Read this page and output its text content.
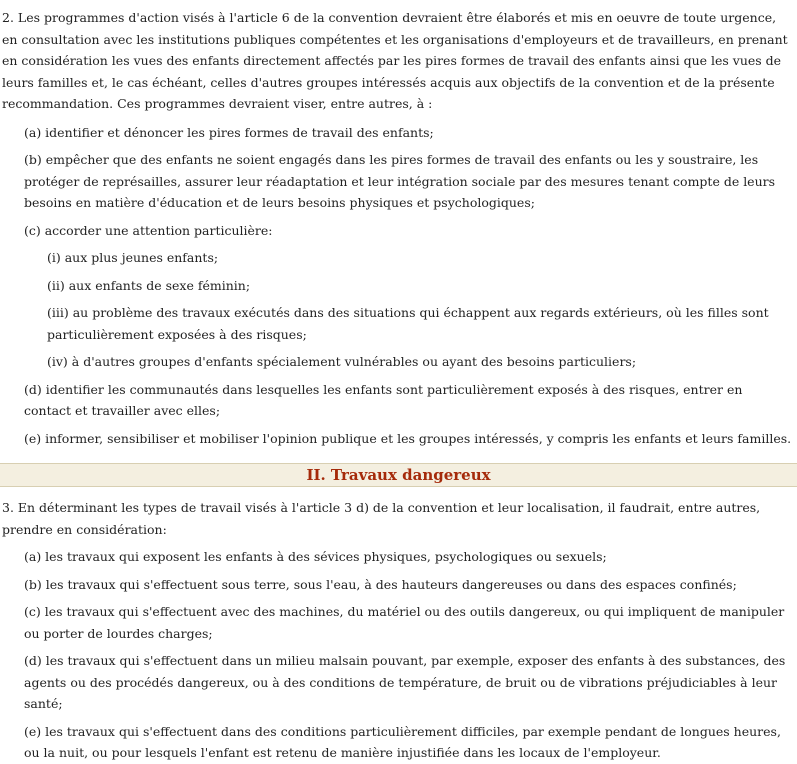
2. Les programmes d'action visés à l'article 6 de la convention devraient être élaborés et mis en oeuvre de toute urgence, en consultation avec les institutions publiques compétentes et les organisations d'employeurs et de travailleurs, en prenant en considération les vues des enfants directement affectés par les pires formes de travail des enfants ainsi que les vues de leurs familles et, le cas échéant, celles d'autres groupes intéressés acquis aux objectifs de la convention et de la présente recommandation. Ces programmes devraient viser, entre autres, à :

(a) identifier et dénoncer les pires formes de travail des enfants;

(b) empêcher que des enfants ne soient engagés dans les pires formes de travail des enfants ou les y soustraire, les protéger de représailles, assurer leur réadaptation et leur intégration sociale par des mesures tenant compte de leurs besoins en matière d'éducation et de leurs besoins physiques et psychologiques;

(c) accorder une attention particulière:

(i) aux plus jeunes enfants;

(ii) aux enfants de sexe féminin;

(iii) au problème des travaux exécutés dans des situations qui échappent aux regards extérieurs, où les filles sont particulièrement exposées à des risques;

(iv) à d'autres groupes d'enfants spécialement vulnérables ou ayant des besoins particuliers;

(d) identifier les communautés dans lesquelles les enfants sont particulièrement exposés à des risques, entrer en contact et travailler avec elles;

(e) informer, sensibiliser et mobiliser l'opinion publique et les groupes intéressés, y compris les enfants et leurs familles.

II. Travaux dangereux

3. En déterminant les types de travail visés à l'article 3 d) de la convention et leur localisation, il faudrait, entre autres, prendre en considération:

(a) les travaux qui exposent les enfants à des sévices physiques, psychologiques ou sexuels;

(b) les travaux qui s'effectuent sous terre, sous l'eau, à des hauteurs dangereuses ou dans des espaces confinés;

(c) les travaux qui s'effectuent avec des machines, du matériel ou des outils dangereux, ou qui impliquent de manipuler ou porter de lourdes charges;

(d) les travaux qui s'effectuent dans un milieu malsain pouvant, par exemple, exposer des enfants à des substances, des agents ou des procédés dangereux, ou à des conditions de température, de bruit ou de vibrations préjudiciables à leur santé;

(e) les travaux qui s'effectuent dans des conditions particulièrement difficiles, par exemple pendant de longues heures, ou la nuit, ou pour lesquels l'enfant est retenu de manière injustifiée dans les locaux de l'employeur.
